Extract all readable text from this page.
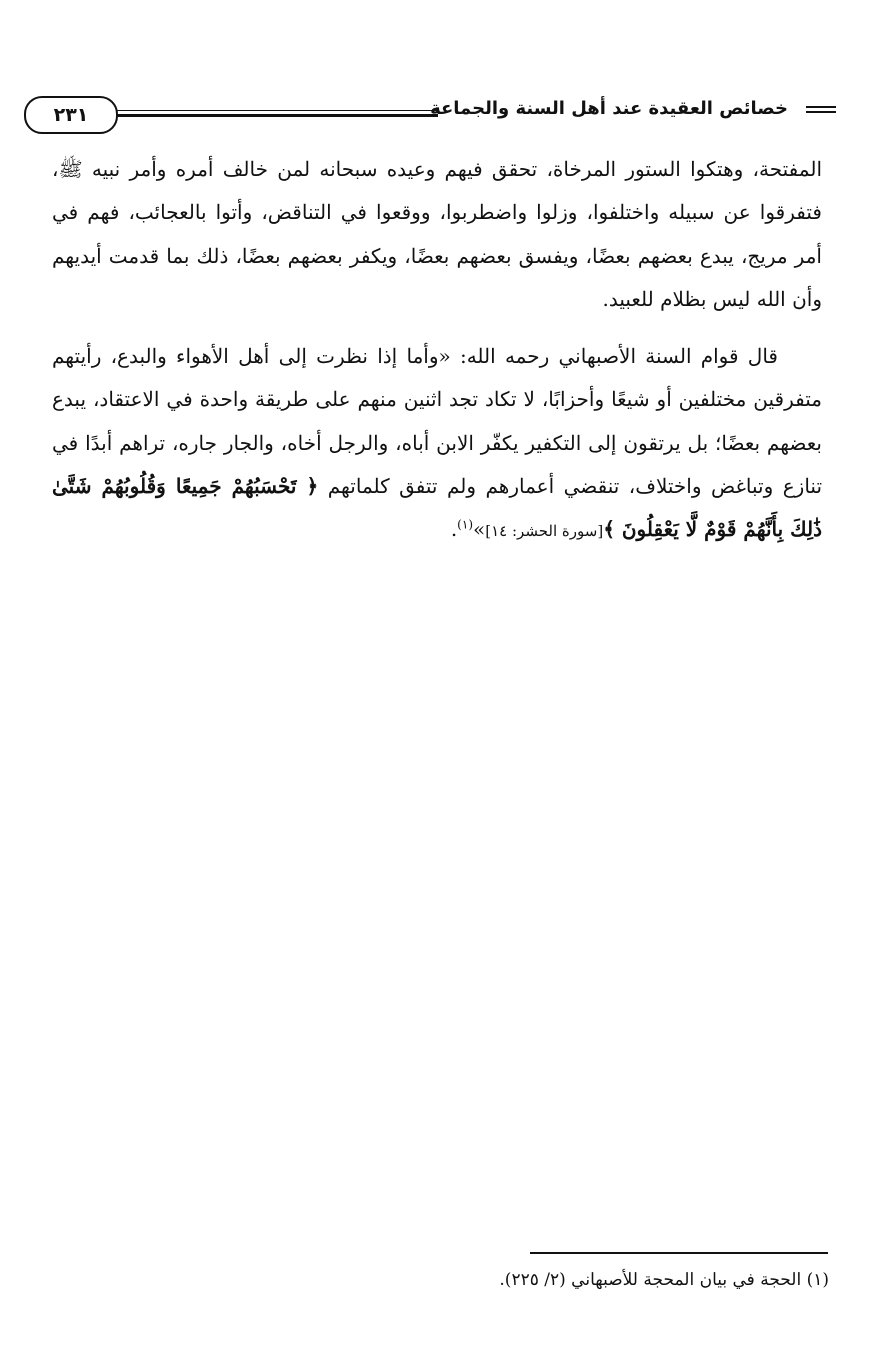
خصائص العقيدة عند أهل السنة والجماعة
٢٣١

المفتحة، وهتكوا الستور المرخاة، تحقق فيهم وعيده سبحانه لمن خالف أمره وأمر نبيه ﷺ، فتفرقوا عن سبيله واختلفوا، وزلوا واضطربوا، ووقعوا في التناقض، وأتوا بالعجائب، فهم في أمر مريج، يبدع بعضهم بعضًا، ويفسق بعضهم بعضًا، ويكفر بعضهم بعضًا، ذلك بما قدمت أيديهم وأن الله ليس بظلام للعبيد.

قال قوام السنة الأصبهاني رحمه الله: «وأما إذا نظرت إلى أهل الأهواء والبدع، رأيتهم متفرقين مختلفين أو شيعًا وأحزابًا، لا تكاد تجد اثنين منهم على طريقة واحدة في الاعتقاد، يبدع بعضهم بعضًا؛ بل يرتقون إلى التكفير يكفّر الابن أباه، والرجل أخاه، والجار جاره، تراهم أبدًا في تنازع وتباغض واختلاف، تنقضي أعمارهم ولم تتفق كلماتهم ﴿ تَحْسَبُهُمْ جَمِيعًا وَقُلُوبُهُمْ شَتَّىٰ ذَٰلِكَ بِأَنَّهُمْ قَوْمٌ لَّا يَعْقِلُونَ ﴾[سورة الحشر: ١٤]»$^{(١)}$.

(١) الحجة في بيان المحجة للأصبهاني (٢/ ٢٢٥).
